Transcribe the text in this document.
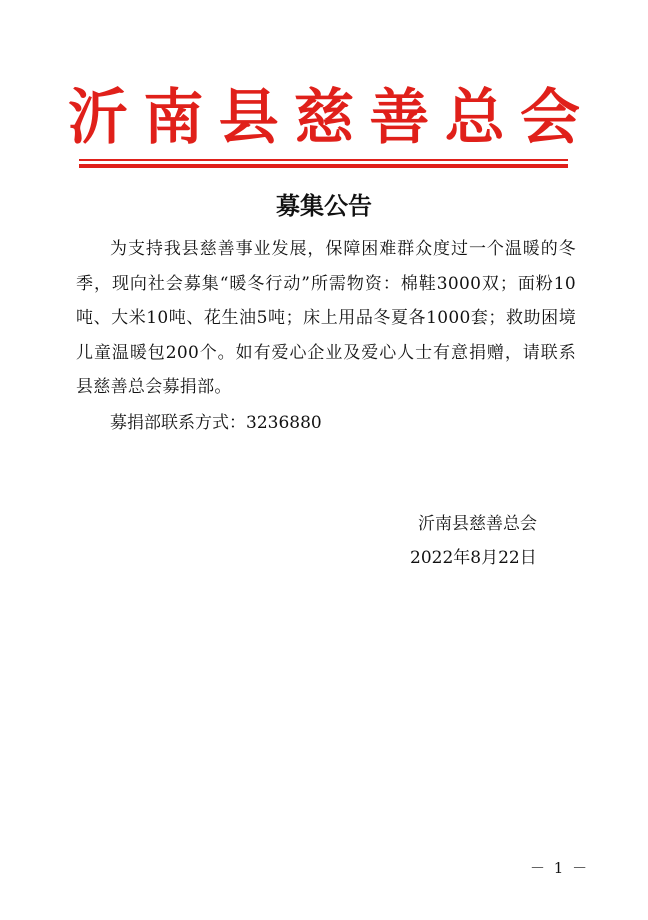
沂 南 县 慈 善 总 会
募集公告

为支持我县慈善事业发展，保障困难群众度过一个温暖的冬季，现向社会募集“暖冬行动”所需物资：棉鞋3000双；面粉10吨、大米10吨、花生油5吨；床上用品冬夏各1000套；救助困境儿童温暖包200个。如有爱心企业及爱心人士有意捐赠，请联系县慈善总会募捐部。

募捐部联系方式：3236880
沂南县慈善总会
2022年8月22日
－ 1 －
